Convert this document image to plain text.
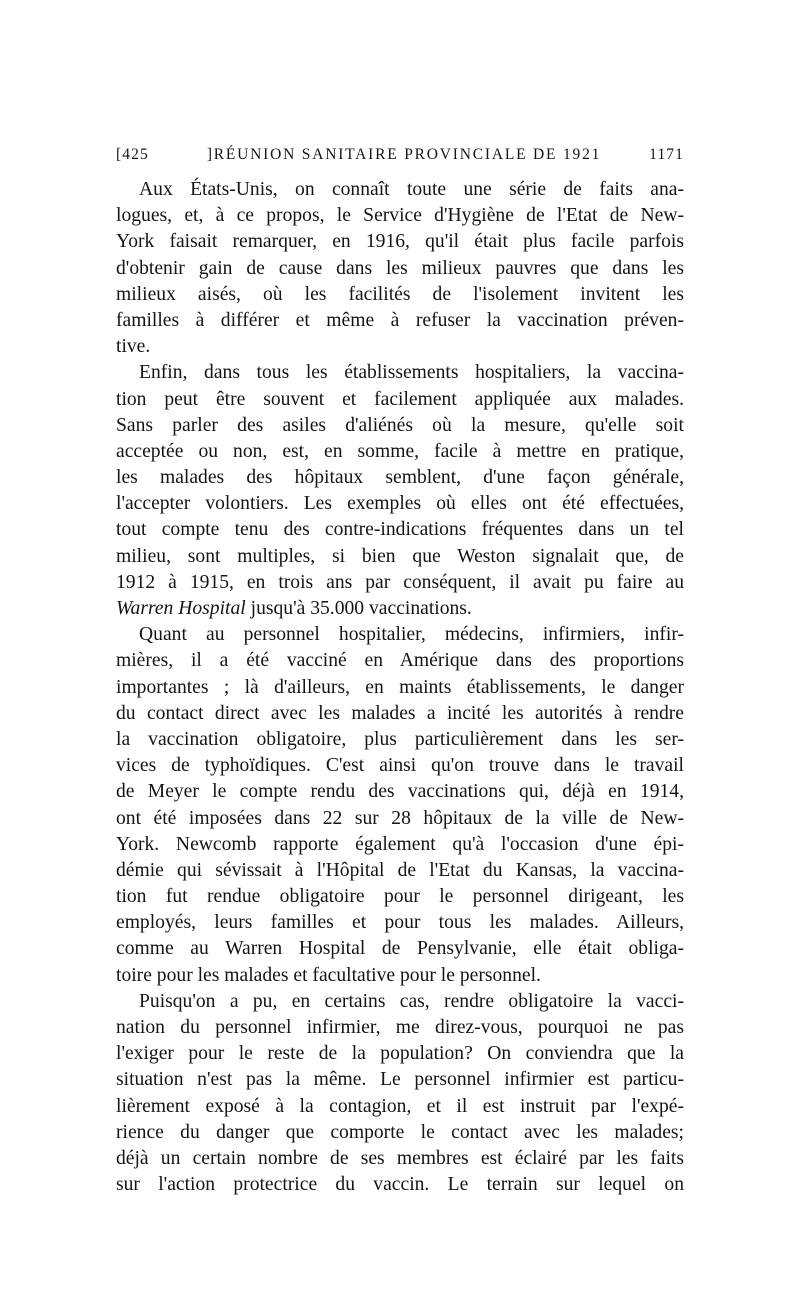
[425	]RÉUNION SANITAIRE PROVINCIALE DE 1921	1171
Aux États-Unis, on connaît toute une série de faits ana-
logues, et, à ce propos, le Service d'Hygiène de l'Etat de New-
York faisait remarquer, en 1916, qu'il était plus facile parfois
d'obtenir gain de cause dans les milieux pauvres que dans les
milieux aisés, où les facilités de l'isolement invitent les
familles à différer et même à refuser la vaccination préven-
tive.
Enfin, dans tous les établissements hospitaliers, la vaccina-
tion peut être souvent et facilement appliquée aux malades.
Sans parler des asiles d'aliénés où la mesure, qu'elle soit
acceptée ou non, est, en somme, facile à mettre en pratique,
les malades des hôpitaux semblent, d'une façon générale,
l'accepter volontiers. Les exemples où elles ont été effectuées,
tout compte tenu des contre-indications fréquentes dans un tel
milieu, sont multiples, si bien que Weston signalait que, de
1912 à 1915, en trois ans par conséquent, il avait pu faire au
Warren Hospital jusqu'à 35.000 vaccinations.
Quant au personnel hospitalier, médecins, infirmiers, infir-
mières, il a été vacciné en Amérique dans des proportions
importantes ; là d'ailleurs, en maints établissements, le danger
du contact direct avec les malades a incité les autorités à rendre
la vaccination obligatoire, plus particulièrement dans les ser-
vices de typhoïdiques. C'est ainsi qu'on trouve dans le travail
de Meyer le compte rendu des vaccinations qui, déjà en 1914,
ont été imposées dans 22 sur 28 hôpitaux de la ville de New-
York. Newcomb rapporte également qu'à l'occasion d'une épi-
démie qui sévissait à l'Hôpital de l'Etat du Kansas, la vaccina-
tion fut rendue obligatoire pour le personnel dirigeant, les
employés, leurs familles et pour tous les malades. Ailleurs,
comme au Warren Hospital de Pensylvanie, elle était obliga-
toire pour les malades et facultative pour le personnel.
Puisqu'on a pu, en certains cas, rendre obligatoire la vacci-
nation du personnel infirmier, me direz-vous, pourquoi ne pas
l'exiger pour le reste de la population? On conviendra que la
situation n'est pas la même. Le personnel infirmier est particu-
lièrement exposé à la contagion, et il est instruit par l'expé-
rience du danger que comporte le contact avec les malades;
déjà un certain nombre de ses membres est éclairé par les faits
sur l'action protectrice du vaccin. Le terrain sur lequel on
